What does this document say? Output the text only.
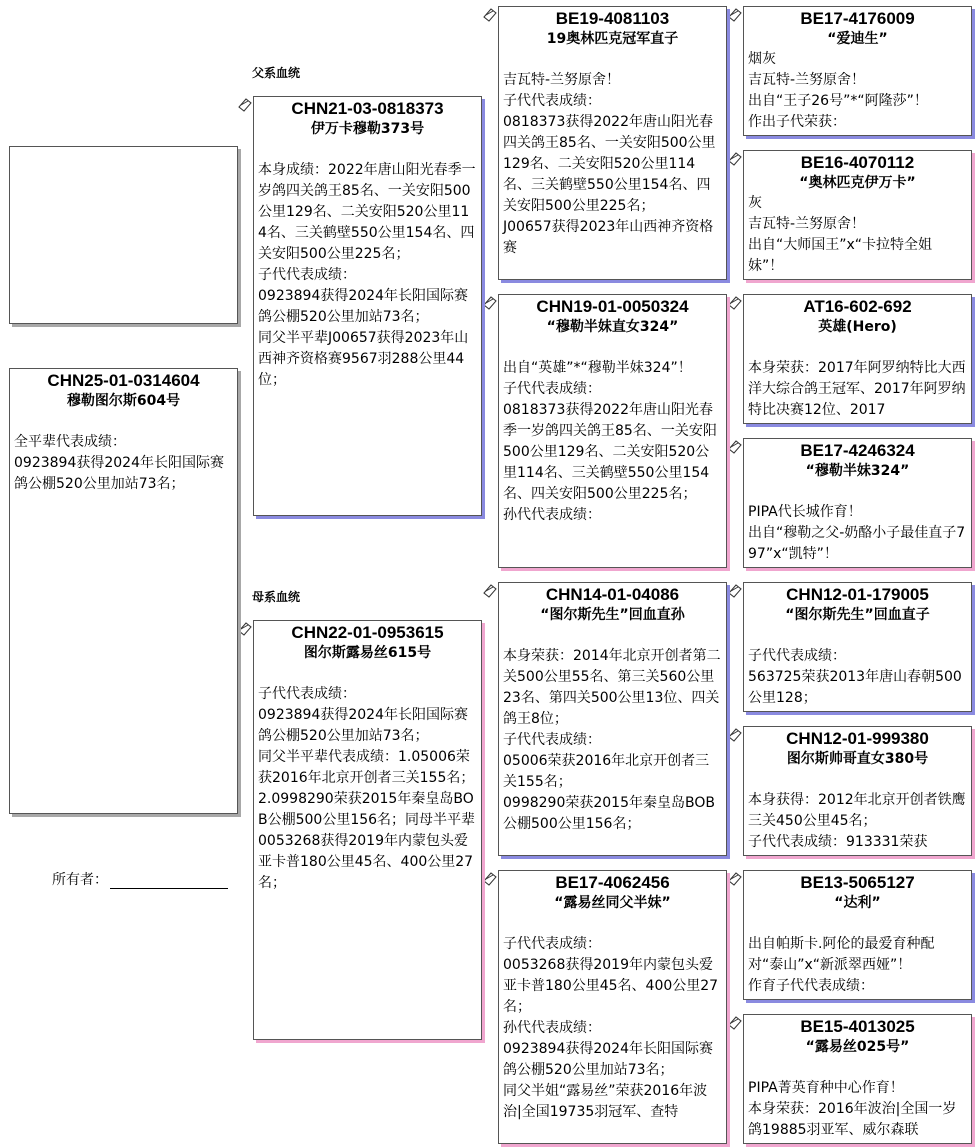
父系血统
母系血统
所有者：
CHN25-01-0314604
穆勒图尔斯604号

全平辈代表成绩：
0923894获得2024年长阳国际赛鸽公棚520公里加站73名；
CHN21-03-0818373
伊万卡穆勒373号

本身成绩：2022年唐山阳光春季一岁鸽四关鸽王85名、一关安阳500公里129名、二关安阳520公里114名、三关鹤壁550公里154名、四关安阳500公里225名；
子代代表成绩：
0923894获得2024年长阳国际赛鸽公棚520公里加站73名；
同父半平辈J00657获得2023年山西神齐资格赛9567羽288公里44位；
CHN22-01-0953615
图尔斯露易丝615号

子代代表成绩：
0923894获得2024年长阳国际赛鸽公棚520公里加站73名；
同父半平辈代表成绩：1.05006荣获2016年北京开创者三关155名；
2.0998290荣获2015年秦皇岛BOB公棚500公里156名；同母半平辈0053268获得2019年内蒙包头爱亚卡普180公里45名、400公里27名；
BE19-4081103
19奥林匹克冠军直子

吉瓦特-兰努原舍！
子代代表成绩：
0818373获得2022年唐山阳光春四关鸽王85名、一关安阳500公里129名、二关安阳520公里114名、三关鹤壁550公里154名、四关安阳500公里225名；
J00657获得2023年山西神齐资格赛
CHN19-01-0050324
“穆勒半妹直女324”

出自“英雄”*“穆勒半妹324”！
子代代表成绩：
0818373获得2022年唐山阳光春季一岁鸽四关鸽王85名、一关安阳500公里129名、二关安阳520公里114名、三关鹤壁550公里154名、四关安阳500公里225名；
孙代代表成绩：
CHN14-01-04086
“图尔斯先生”回血直孙

本身荣获：2014年北京开创者第二关500公里55名、第三关560公里23名、第四关500公里13位、四关鸽王8位；
子代代表成绩：
05006荣获2016年北京开创者三关155名；
0998290荣获2015年秦皇岛BOB公棚500公里156名；
BE17-4062456
“露易丝同父半妹”

子代代表成绩：
0053268获得2019年内蒙包头爱亚卡普180公里45名、400公里27名；
孙代代表成绩：
0923894获得2024年长阳国际赛鸽公棚520公里加站73名；
同父半姐“露易丝”荣获2016年波治|全国19735羽冠军、查特
BE17-4176009
“爱迪生”
烟灰
吉瓦特-兰努原舍！
出自“王子26号”*“阿隆莎”！
作出子代荣获：
BE16-4070112
“奥林匹克伊万卡”
灰
吉瓦特-兰努原舍！
出自“大师国王”x“卡拉特全姐妹”！
AT16-602-692
英雄(Hero)

本身荣获：2017年阿罗纳特比大西洋大综合鸽王冠军、2017年阿罗纳特比决赛12位、2017
BE17-4246324
“穆勒半妹324”

PIPA代长城作育！
出自“穆勒之父-奶酪小子最佳直子797”x“凯特”！
CHN12-01-179005
“图尔斯先生”回血直子

子代代表成绩：
563725荣获2013年唐山春朝500公里128；
CHN12-01-999380
图尔斯帅哥直女380号

本身获得：2012年北京开创者铁鹰三关450公里45名；
子代代表成绩：913331荣获
BE13-5065127
“达利”

出自帕斯卡.阿伦的最爱育种配对“泰山”x“新派翠西娅”！
作育子代代表成绩：
BE15-4013025
“露易丝025号”

PIPA菁英育种中心作育！
本身荣获：2016年波治|全国一岁鸽19885羽亚军、威尔森联
